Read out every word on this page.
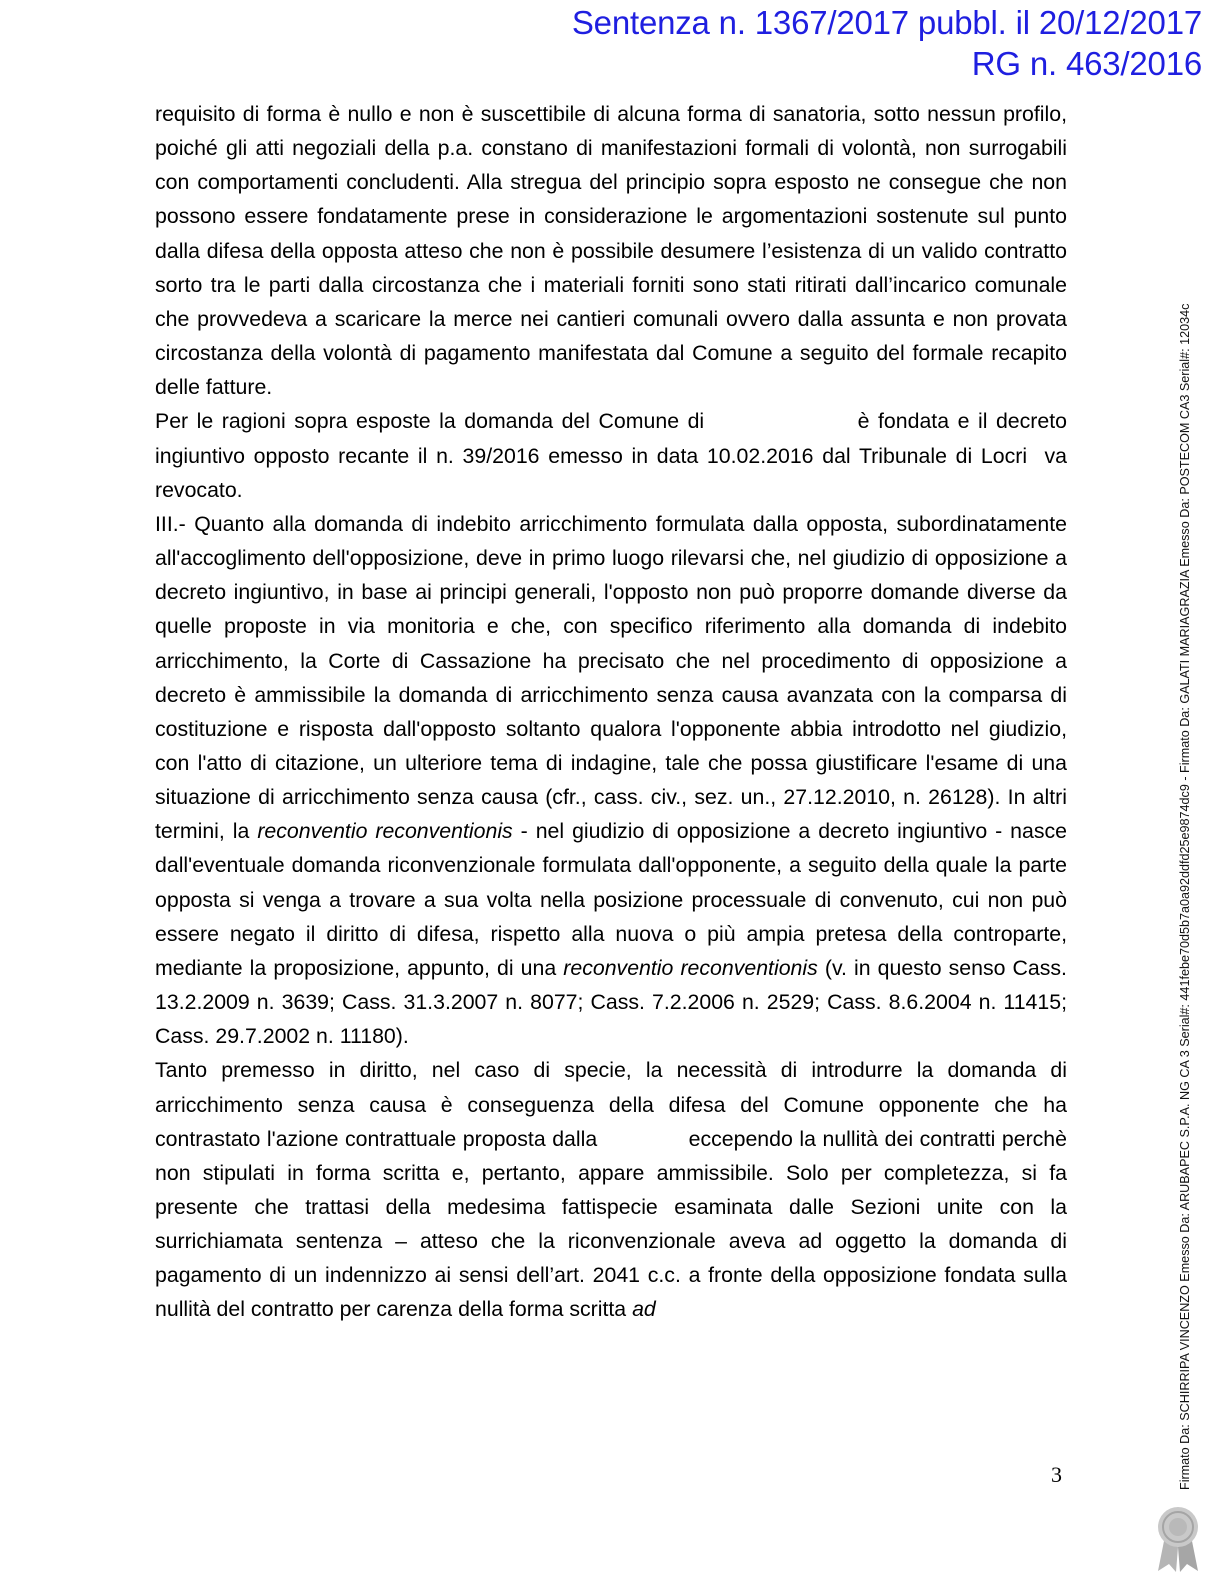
Sentenza n. 1367/2017 pubbl. il 20/12/2017
RG n. 463/2016

requisito di forma è nullo e non è suscettibile di alcuna forma di sanatoria, sotto nessun profilo, poiché gli atti negoziali della p.a. constano di manifestazioni formali di volontà, non surrogabili con comportamenti concludenti. Alla stregua del principio sopra esposto ne consegue che non possono essere fondatamente prese in considerazione le argomentazioni sostenute sul punto dalla difesa della opposta atteso che non è possibile desumere l’esistenza di un valido contratto sorto tra le parti dalla circostanza che i materiali forniti sono stati ritirati dall’incarico comunale che provvedeva a scaricare la merce nei cantieri comunali ovvero dalla assunta e non provata circostanza della volontà di pagamento manifestata dal Comune a seguito del formale recapito delle fatture.

Per le ragioni sopra esposte la domanda del Comune di                  è fondata e il decreto ingiuntivo opposto recante il n. 39/2016 emesso in data 10.02.2016 dal Tribunale di Locri  va revocato.

III.- Quanto alla domanda di indebito arricchimento formulata dalla opposta, subordinatamente all'accoglimento dell'opposizione, deve in primo luogo rilevarsi che, nel giudizio di opposizione a decreto ingiuntivo, in base ai principi generali, l'opposto non può proporre domande diverse da quelle proposte in via monitoria e che, con specifico riferimento alla domanda di indebito arricchimento, la Corte di Cassazione ha precisato che nel procedimento di opposizione a decreto è ammissibile la domanda di arricchimento senza causa avanzata con la comparsa di costituzione e risposta dall'opposto soltanto qualora l'opponente abbia introdotto nel giudizio, con l'atto di citazione, un ulteriore tema di indagine, tale che possa giustificare l'esame di una situazione di arricchimento senza causa (cfr., cass. civ., sez. un., 27.12.2010, n. 26128). In altri termini, la reconventio reconventionis - nel giudizio di opposizione a decreto ingiuntivo - nasce dall'eventuale domanda riconvenzionale formulata dall'opponente, a seguito della quale la parte opposta si venga a trovare a sua volta nella posizione processuale di convenuto, cui non può essere negato il diritto di difesa, rispetto alla nuova o più ampia pretesa della controparte, mediante la proposizione, appunto, di una reconventio reconventionis (v. in questo senso Cass. 13.2.2009 n. 3639; Cass. 31.3.2007 n. 8077; Cass. 7.2.2006 n. 2529; Cass. 8.6.2004 n. 11415; Cass. 29.7.2002 n. 11180).

Tanto premesso in diritto, nel caso di specie, la necessità di introdurre la domanda di arricchimento senza causa è conseguenza della difesa del Comune opponente che ha contrastato l'azione contrattuale proposta dalla              eccependo la nullità dei contratti perchè non stipulati in forma scritta e, pertanto, appare ammissibile. Solo per completezza, si fa presente che trattasi della medesima fattispecie esaminata dalle Sezioni unite con la surrichiamata sentenza – atteso che la riconvenzionale aveva ad oggetto la domanda di pagamento di un indennizzo ai sensi dell’art. 2041 c.c. a fronte della opposizione fondata sulla nullità del contratto per carenza della forma scritta ad

3	Firmato Da: SCHIRRIPA VINCENZO Emesso Da: ARUBAPEC S.P.A. NG CA 3 Serial#: 441febe70d5b7a0a92ddfd25e9874dc9 - Firmato Da: GALATI MARIAGRAZIA Emesso Da: POSTECOM CA3 Serial#: 12034c
